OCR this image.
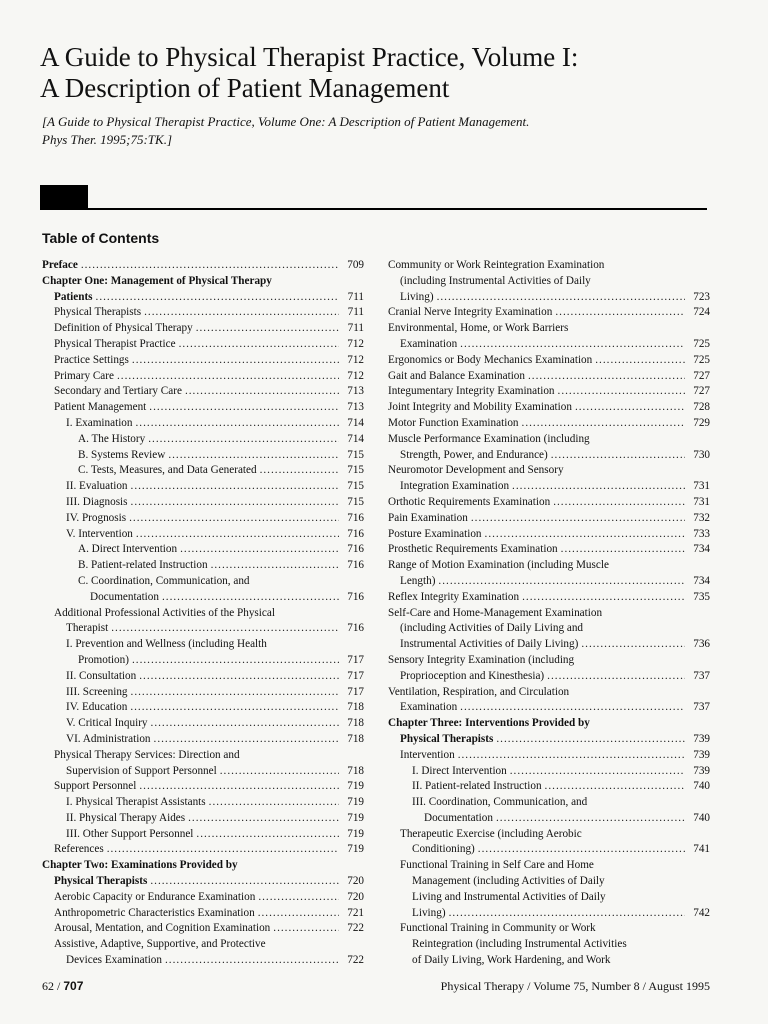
A Guide to Physical Therapist Practice, Volume I:
A Description of Patient Management
[A Guide to Physical Therapist Practice, Volume One: A Description of Patient Management.
Phys Ther. 1995;75:TK.]
Table of Contents
Preface .....	709
Chapter One: Management of Physical Therapy
Patients .....	711
Physical Therapists .....	711
Definition of Physical Therapy .....	711
Physical Therapist Practice .....	712
Practice Settings .....	712
Primary Care .....	712
Secondary and Tertiary Care .....	713
Patient Management .....	713
I. Examination .....	714
A. The History .....	714
B. Systems Review .....	715
C. Tests, Measures, and Data Generated .....	715
II. Evaluation .....	715
III. Diagnosis .....	715
IV. Prognosis .....	716
V. Intervention .....	716
A. Direct Intervention .....	716
B. Patient-related Instruction .....	716
C. Coordination, Communication, and
Documentation .....	716
Additional Professional Activities of the Physical
Therapist .....	716
I. Prevention and Wellness (including Health
Promotion) .....	717
II. Consultation .....	717
III. Screening .....	717
IV. Education .....	718
V. Critical Inquiry .....	718
VI. Administration .....	718
Physical Therapy Services: Direction and
Supervision of Support Personnel .....	718
Support Personnel .....	719
I. Physical Therapist Assistants .....	719
II. Physical Therapy Aides .....	719
III. Other Support Personnel .....	719
References .....	719
Chapter Two: Examinations Provided by
Physical Therapists .....	720
Aerobic Capacity or Endurance Examination .....	720
Anthropometric Characteristics Examination .....	721
Arousal, Mentation, and Cognition Examination .....	722
Assistive, Adaptive, Supportive, and Protective
Devices Examination .....	722
Community or Work Reintegration Examination
(including Instrumental Activities of Daily
Living) .....	723
Cranial Nerve Integrity Examination .....	724
Environmental, Home, or Work Barriers
Examination .....	725
Ergonomics or Body Mechanics Examination .....	725
Gait and Balance Examination .....	727
Integumentary Integrity Examination .....	727
Joint Integrity and Mobility Examination .....	728
Motor Function Examination .....	729
Muscle Performance Examination (including
Strength, Power, and Endurance) .....	730
Neuromotor Development and Sensory
Integration Examination .....	731
Orthotic Requirements Examination .....	731
Pain Examination .....	732
Posture Examination .....	733
Prosthetic Requirements Examination .....	734
Range of Motion Examination (including Muscle
Length) .....	734
Reflex Integrity Examination .....	735
Self-Care and Home-Management Examination
(including Activities of Daily Living and
Instrumental Activities of Daily Living) .....	736
Sensory Integrity Examination (including
Proprioception and Kinesthesia) .....	737
Ventilation, Respiration, and Circulation
Examination .....	737
Chapter Three: Interventions Provided by
Physical Therapists .....	739
Intervention .....	739
I. Direct Intervention .....	739
II. Patient-related Instruction .....	740
III. Coordination, Communication, and
Documentation .....	740
Therapeutic Exercise (including Aerobic
Conditioning) .....	741
Functional Training in Self Care and Home
Management (including Activities of Daily
Living and Instrumental Activities of Daily
Living) .....	742
Functional Training in Community or Work
Reintegration (including Instrumental Activities
of Daily Living, Work Hardening, and Work
62 / 707	Physical Therapy / Volume 75, Number 8 / August 1995
